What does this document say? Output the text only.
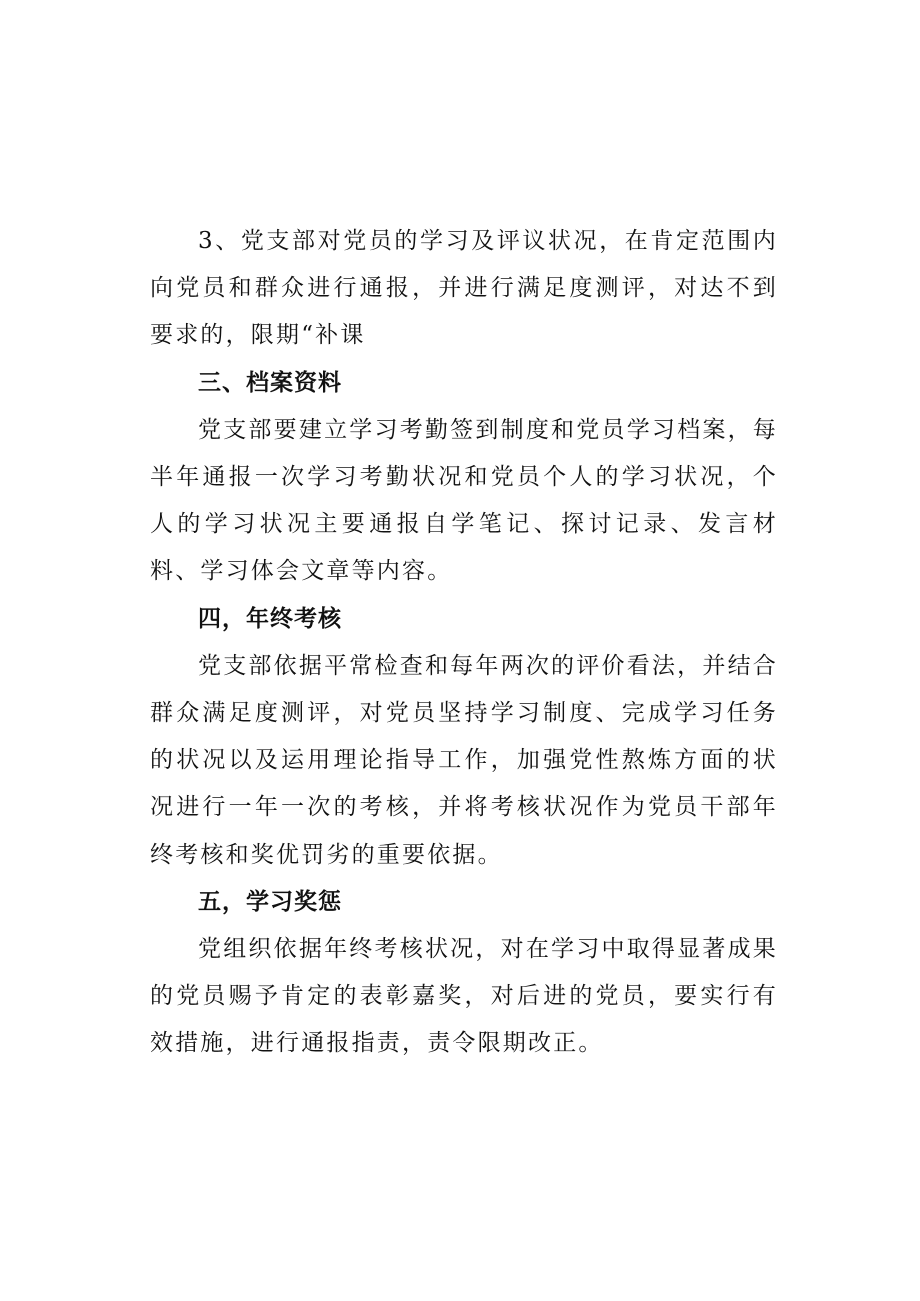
3、党支部对党员的学习及评议状况，在肯定范围内向党员和群众进行通报，并进行满足度测评，对达不到要求的，限期“补课

三、档案资料

党支部要建立学习考勤签到制度和党员学习档案，每半年通报一次学习考勤状况和党员个人的学习状况，个人的学习状况主要通报自学笔记、探讨记录、发言材料、学习体会文章等内容。

四，年终考核

党支部依据平常检查和每年两次的评价看法，并结合群众满足度测评，对党员坚持学习制度、完成学习任务的状况以及运用理论指导工作，加强党性熬炼方面的状况进行一年一次的考核，并将考核状况作为党员干部年终考核和奖优罚劣的重要依据。

五，学习奖惩

党组织依据年终考核状况，对在学习中取得显著成果的党员赐予肯定的表彰嘉奖，对后进的党员，要实行有效措施，进行通报指责，责令限期改正。
